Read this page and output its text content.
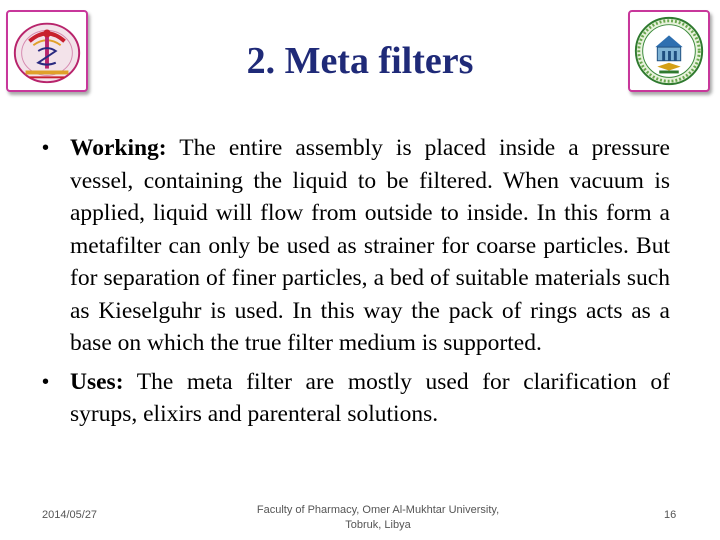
2. Meta filters

• Working: The entire assembly is placed inside a pressure vessel, containing the liquid to be filtered. When vacuum is applied, liquid will flow from outside to inside. In this form a metafilter can only be used as strainer for coarse particles. But for separation of finer particles, a bed of suitable materials such as Kieselguhr is used. In this way the pack of rings acts as a base on which the true filter medium is supported.

• Uses: The meta filter are mostly used for clarification of syrups, elixirs and parenteral solutions.

2014/05/27	Faculty of Pharmacy, Omer Al-Mukhtar University,
Tobruk, Libya
16
